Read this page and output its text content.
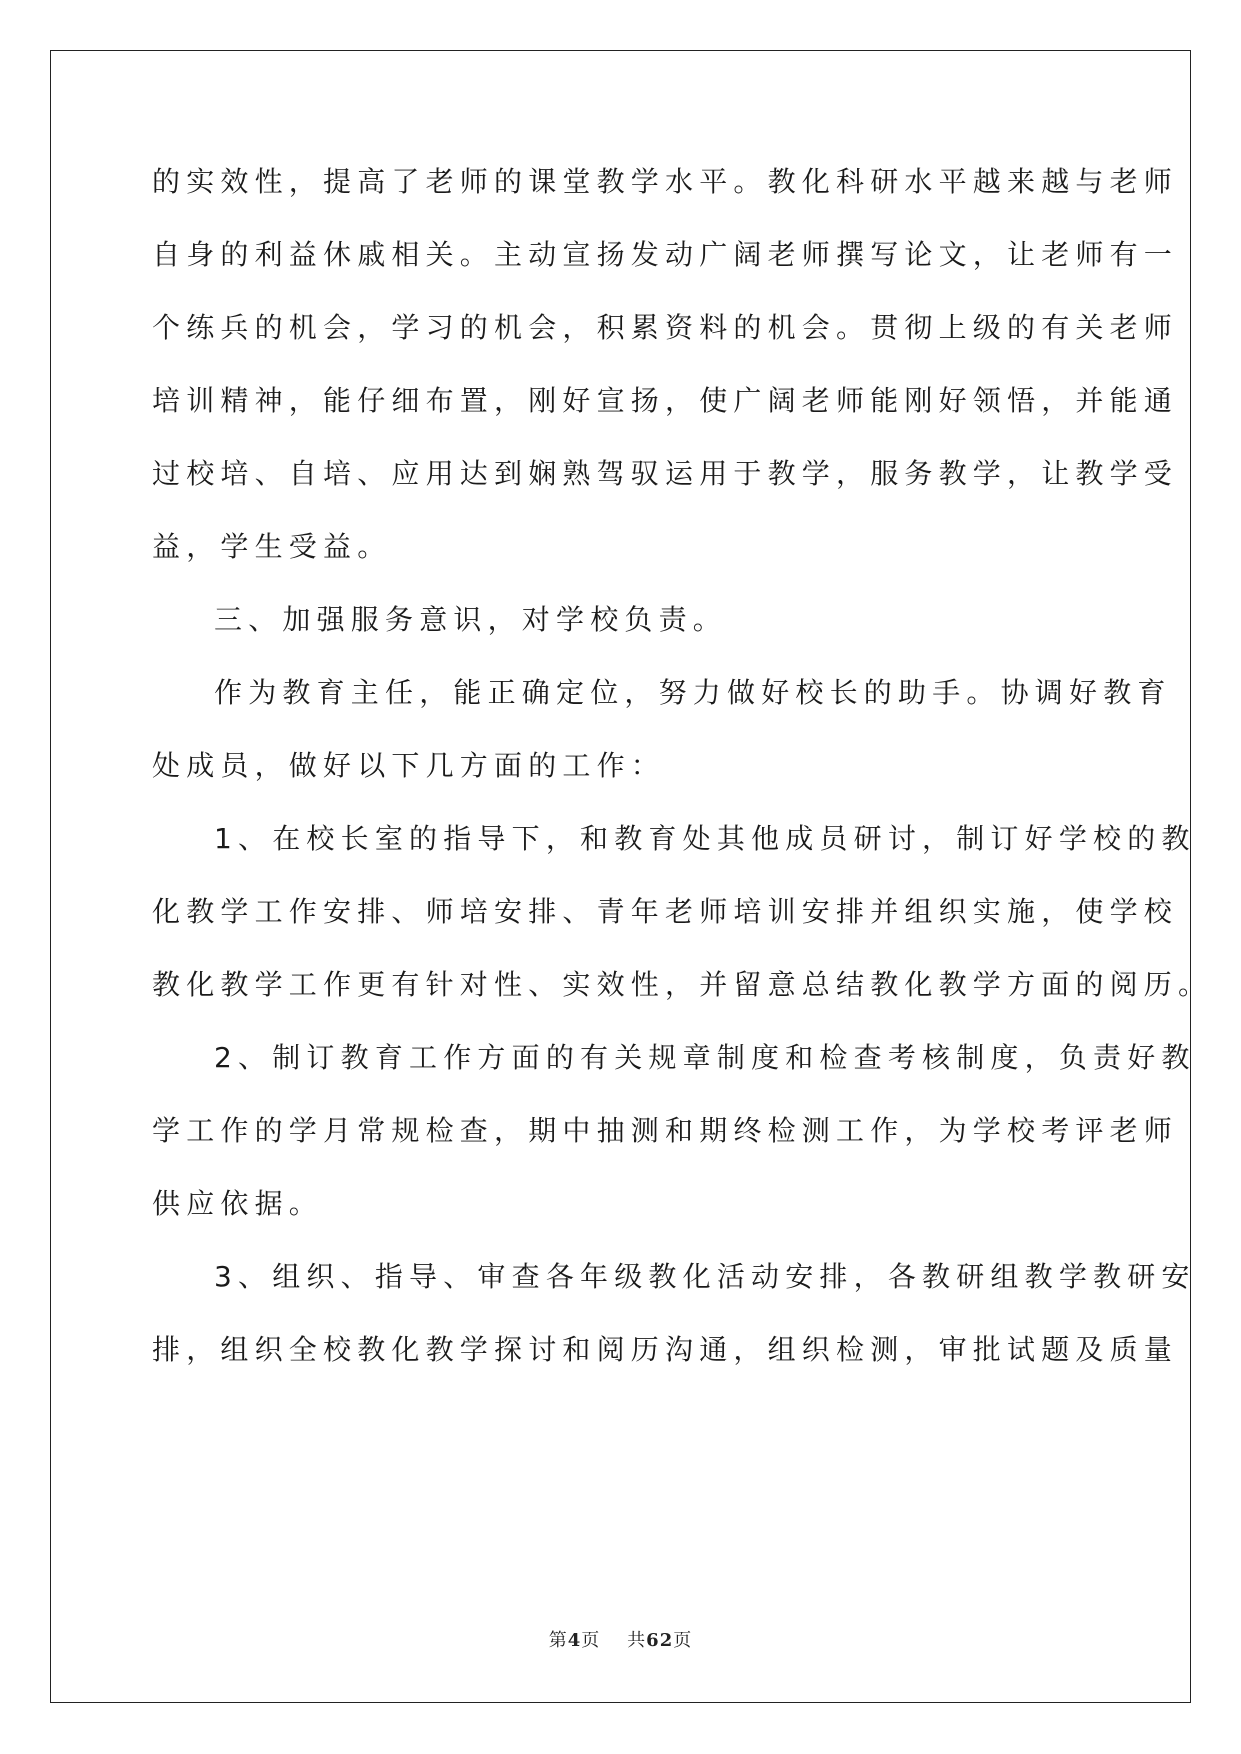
的实效性，提高了老师的课堂教学水平。教化科研水平越来越与老师
自身的利益休戚相关。主动宣扬发动广阔老师撰写论文，让老师有一
个练兵的机会，学习的机会，积累资料的机会。贯彻上级的有关老师
培训精神，能仔细布置，刚好宣扬，使广阔老师能刚好领悟，并能通
过校培、自培、应用达到娴熟驾驭运用于教学，服务教学，让教学受
益，学生受益。
三、加强服务意识，对学校负责。
作为教育主任，能正确定位，努力做好校长的助手。协调好教育
处成员，做好以下几方面的工作：
1、在校长室的指导下，和教育处其他成员研讨，制订好学校的教
化教学工作安排、师培安排、青年老师培训安排并组织实施，使学校
教化教学工作更有针对性、实效性，并留意总结教化教学方面的阅历。
2、制订教育工作方面的有关规章制度和检查考核制度，负责好教
学工作的学月常规检查，期中抽测和期终检测工作，为学校考评老师
供应依据。
3、组织、指导、审查各年级教化活动安排，各教研组教学教研安
排，组织全校教化教学探讨和阅历沟通，组织检测，审批试题及质量
第4页 共62页
